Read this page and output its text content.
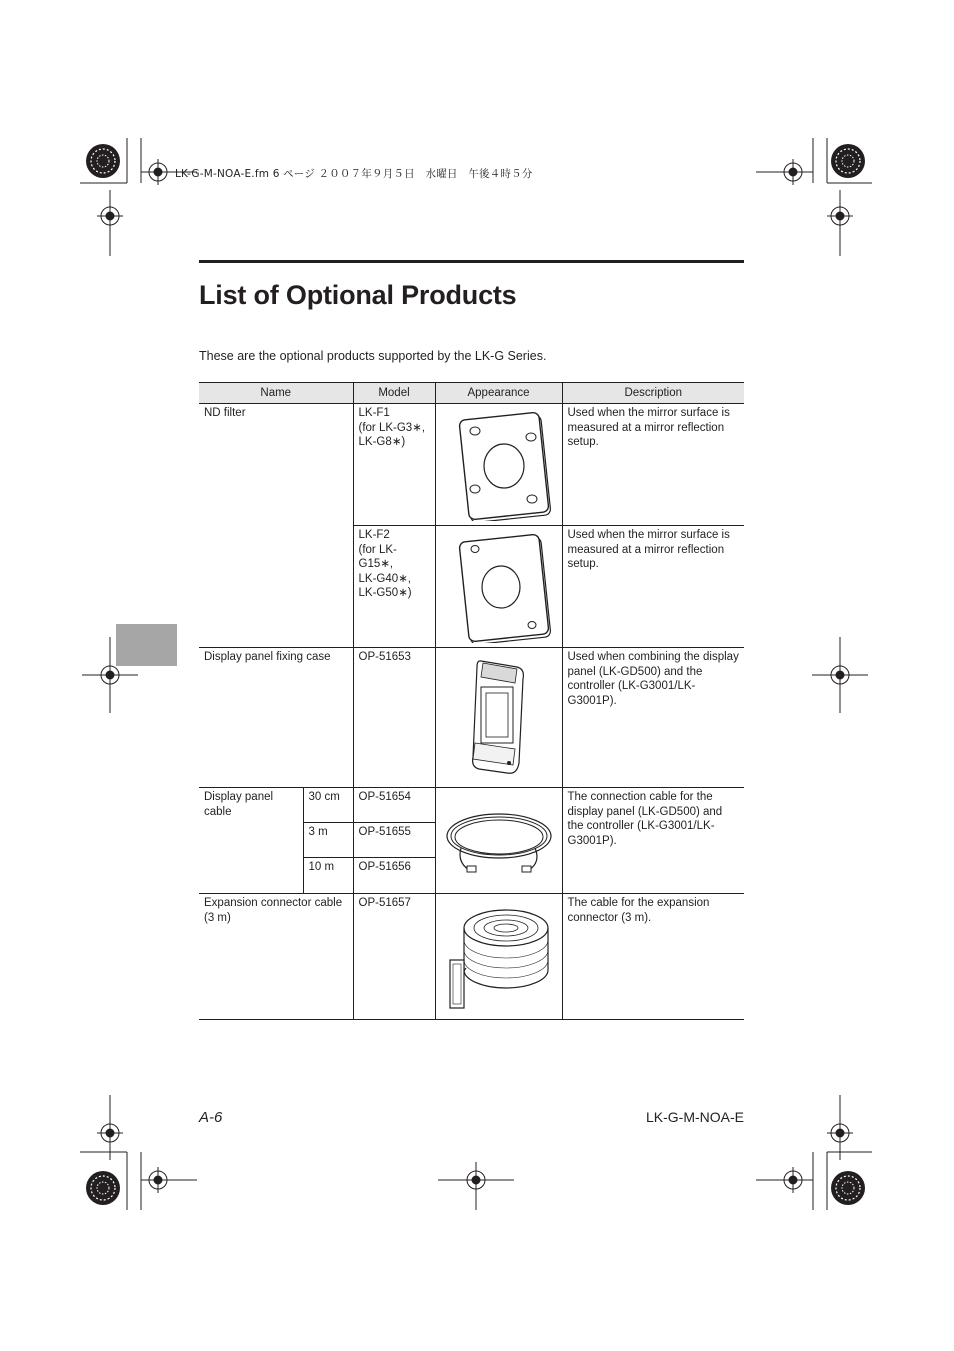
LK-G-M-NOA-E.fm 6 ページ ２００７年９月５日　水曜日　午後４時５分
List of Optional Products
These are the optional products supported by the LK-G Series.
Name		Model	Appearance	Description
ND filter		LK-F1
(for LK-G3∗,
LK-G8∗)		Used when the mirror surface is measured at a mirror reflection setup.
		LK-F2
(for LK-G15∗,
LK-G40∗,
LK-G50∗)		Used when the mirror surface is measured at a mirror reflection setup.
Display panel fixing case		OP-51653		Used when combining the display panel (LK-GD500) and the controller (LK-G3001/LK-G3001P).
Display panel cable	30 cm	OP-51654		The connection cable for the display panel (LK-GD500) and the controller (LK-G3001/LK-G3001P).
	3 m	OP-51655		
	10 m	OP-51656		
Expansion connector cable (3 m)		OP-51657		The cable for the expansion connector (3 m).
A-6	LK-G-M-NOA-E
